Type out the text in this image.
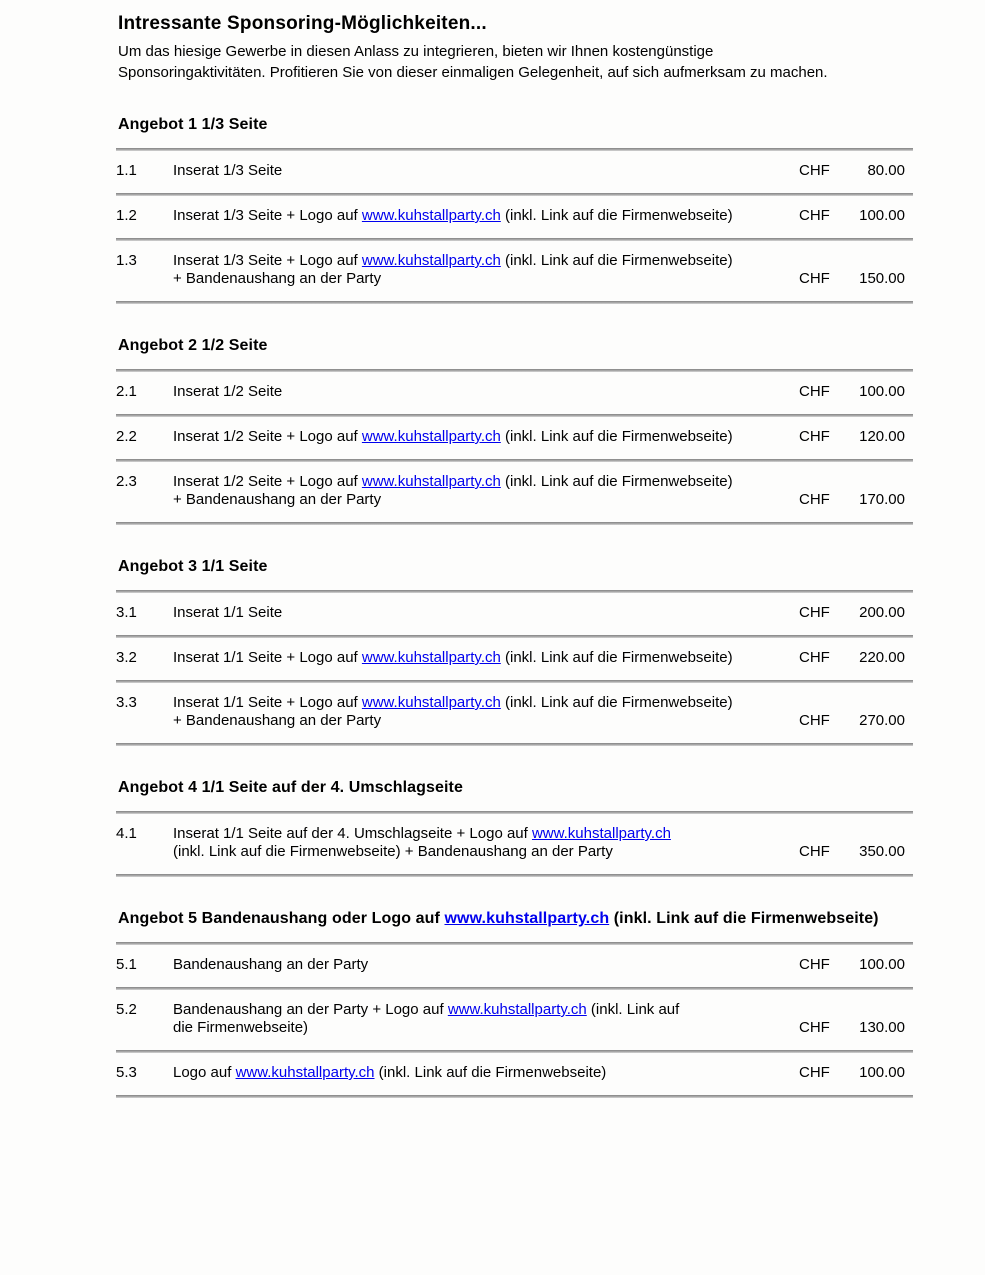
Intressante Sponsoring-Möglichkeiten...

Um das hiesige Gewerbe in diesen Anlass zu integrieren, bieten wir Ihnen kostengünstige
Sponsoringaktivitäten. Profitieren Sie von dieser einmaligen Gelegenheit, auf sich aufmerksam zu machen.

Angebot 1 1/3 Seite
1.1	Inserat 1/3 Seite	CHF	80.00
1.2	Inserat 1/3 Seite + Logo auf www.kuhstallparty.ch (inkl. Link auf die Firmenwebseite)	CHF	100.00
1.3	Inserat 1/3 Seite + Logo auf www.kuhstallparty.ch (inkl. Link auf die Firmenwebseite)
+ Bandenaushang an der Party	CHF	150.00
Angebot 2 1/2 Seite
2.1	Inserat 1/2 Seite	CHF	100.00
2.2	Inserat 1/2 Seite + Logo auf www.kuhstallparty.ch (inkl. Link auf die Firmenwebseite)	CHF	120.00
2.3	Inserat 1/2 Seite + Logo auf www.kuhstallparty.ch (inkl. Link auf die Firmenwebseite)
+ Bandenaushang an der Party	CHF	170.00
Angebot 3 1/1 Seite
3.1	Inserat 1/1 Seite	CHF	200.00
3.2	Inserat 1/1 Seite + Logo auf www.kuhstallparty.ch (inkl. Link auf die Firmenwebseite)	CHF	220.00
3.3	Inserat 1/1 Seite + Logo auf www.kuhstallparty.ch (inkl. Link auf die Firmenwebseite)
+ Bandenaushang an der Party	CHF	270.00
Angebot 4 1/1 Seite auf der 4. Umschlagseite
4.1	Inserat 1/1 Seite auf der 4. Umschlagseite + Logo auf www.kuhstallparty.ch
(inkl. Link auf die Firmenwebseite) + Bandenaushang an der Party	CHF	350.00
Angebot 5 Bandenaushang oder Logo auf www.kuhstallparty.ch (inkl. Link auf die Firmenwebseite)
5.1	Bandenaushang an der Party	CHF	100.00
5.2	Bandenaushang an der Party + Logo auf www.kuhstallparty.ch (inkl. Link auf
die Firmenwebseite)	CHF	130.00
5.3	Logo auf www.kuhstallparty.ch (inkl. Link auf die Firmenwebseite)	CHF	100.00
